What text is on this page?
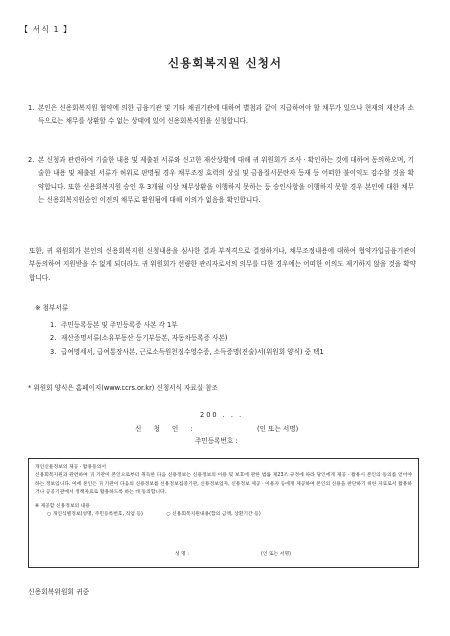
【 서식 1 】
신용회복지원 신청서
1. 본인은 신용회복지원 협약에 의한 금융기관 및 기타 채권기관에 대하여 별첨과 같이 지급하여야 할 채무가 있으나 현재의 재산과 소득으로는 채무를 상환할 수 없는 상태에 있어 신용회복지원을 신청합니다.
2. 본 신청과 관련하여 기술한 내용 및 제출된 서류와 신고한 재산상황에 대해 귀 위원회가 조사 · 확인하는 것에 대하여 동의하오며, 기술한 내용 및 제출된 서류가 허위로 판명될 경우 채무조정 효력의 상실 및 금융질서문란자 등재 등 어떠한 불이익도 감수할 것을 확약합니다. 또한 신용회복지원 승인 후 3개월 이상 채무상환을 이행하지 못하는 등 승인사항을 이행하지 못할 경우 본인에 대한 채무는 신용회복지원승인 이전의 채무로 환원됨에 대해 이의가 없음을 확인합니다.
또한, 귀 위원회가 본인의 신용회복지원 신청내용을 심사한 결과 부적격으로 결정하거나, 채무조정내용에 대하여 협약가입금융기관이 부동의하여 지원받을 수 없게 되더라도 귀 위원회가 선량한 관리자로서의 의무를 다한 경우에는 어떠한 이의도 제기하지 않을 것을 확약합니다.
※ 첨부서류
1. 주민등록등본 및 주민등록증 사본 각 1부
2. 재산증명서류(소유부동산 등기부등본, 자동차등록증 사본)
3. 급여명세서, 급여통장사본, 근로소득원천징수영수증, 소득증명(진술)서(위원회 양식) 중 택1
* 위원회 양식은 홈페이지(www.ccrs.or.kr) 신청서식 자료실 참조
200 . . .
신 청 인 :	(인 또는 서명)
주민등록번호 :
개인신용정보의 제공 · 활용동의서
신용회복지원과 관련하여 귀 기관이 본인으로부터 취득한 다음 신용정보는 신용정보의 이용 및 보호에 관한 법률 제23조 규정에 따라 당인에게 제공 · 활용시 본인의 동의를 얻어야 하는 정보입니다. 이에 본인은 귀 기관이 다음의 신용정보를 신용정보집중기관, 신용정보업자, 신용정보 제공 · 이용자 등에게 제공하여 본인의 신용을 판단하기 위한 자료로서 활용하거나 공공기관에서 정책자료로 활용하도록 하는 데 동의합니다.
※ 제공할 신용정보의 내용
○ 개인식별정보(성명, 주민등록번호, 직업 등)	○ 신용회복지원내용(합의 금액, 상환기간 등)
성 명 :	(인 또는 서명)
신용회복위원회 귀중
